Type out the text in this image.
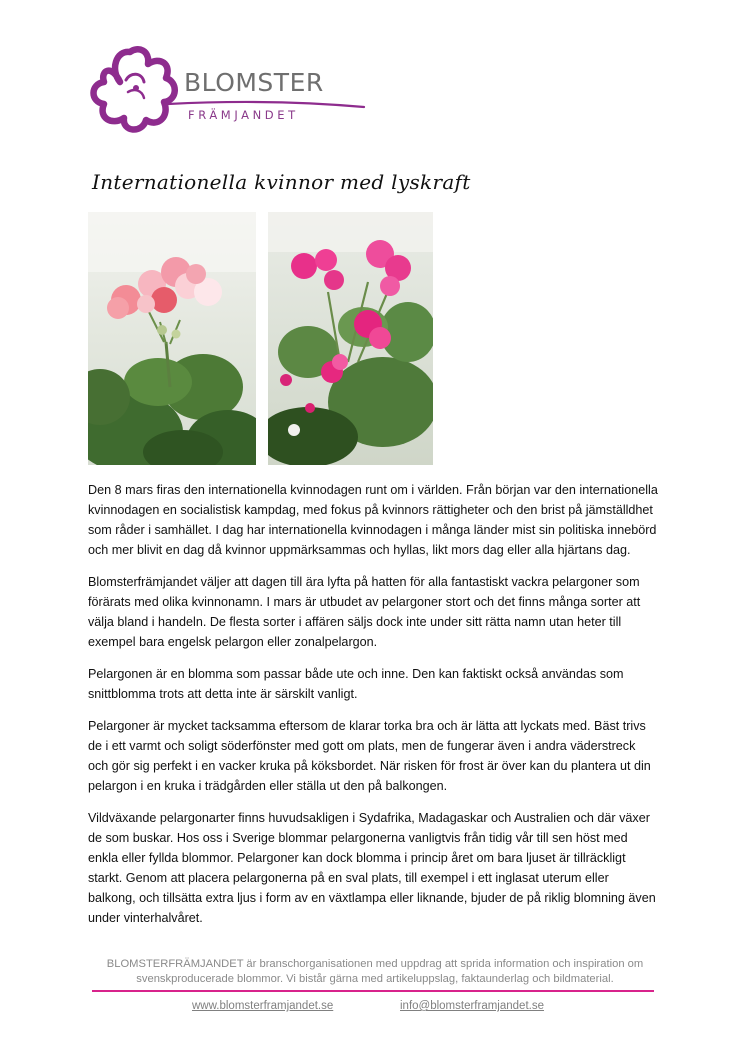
BLOMSTER
FRÄMJANDET
Internationella kvinnor med lyskraft

Den 8 mars firas den internationella kvinnodagen runt om i världen. Från början var den internationella kvinnodagen en socialistisk kampdag, med fokus på kvinnors rättigheter och den brist på jämställdhet som råder i samhället. I dag har internationella kvinnodagen i många länder mist sin politiska innebörd och mer blivit en dag då kvinnor uppmärksammas och hyllas, likt mors dag eller alla hjärtans dag.

Blomsterfrämjandet väljer att dagen till ära lyfta på hatten för alla fantastiskt vackra pelargoner som förärats med olika kvinnonamn. I mars är utbudet av pelargoner stort och det finns många sorter att välja bland i handeln. De flesta sorter i affären säljs dock inte under sitt rätta namn utan heter till exempel bara engelsk pelargon eller zonalpelargon.

Pelargonen är en blomma som passar både ute och inne. Den kan faktiskt också användas som snittblomma trots att detta inte är särskilt vanligt.

Pelargoner är mycket tacksamma eftersom de klarar torka bra och är lätta att lyckats med. Bäst trivs de i ett varmt och soligt söderfönster med gott om plats, men de fungerar även i andra väderstreck och gör sig perfekt i en vacker kruka på köksbordet. När risken för frost är över kan du plantera ut din pelargon i en kruka i trädgården eller ställa ut den på balkongen.

Vildväxande pelargonarter finns huvudsakligen i Sydafrika, Madagaskar och Australien och där växer de som buskar. Hos oss i Sverige blommar pelargonerna vanligtvis från tidig vår till sen höst med enkla eller fyllda blommor. Pelargoner kan dock blomma i princip året om bara ljuset är tillräckligt starkt. Genom att placera pelargonerna på en sval plats, till exempel i ett inglasat uterum eller balkong, och tillsätta extra ljus i form av en växtlampa eller liknande, bjuder de på riklig blomning även under vinterhalvåret.

BLOMSTERFRÄMJANDET är branschorganisationen med uppdrag att sprida information och inspiration om svenskproducerade blommor. Vi bistår gärna med artikeluppslag, faktaunderlag och bildmaterial.
www.blomsterframjandet.se	info@blomsterframjandet.se
